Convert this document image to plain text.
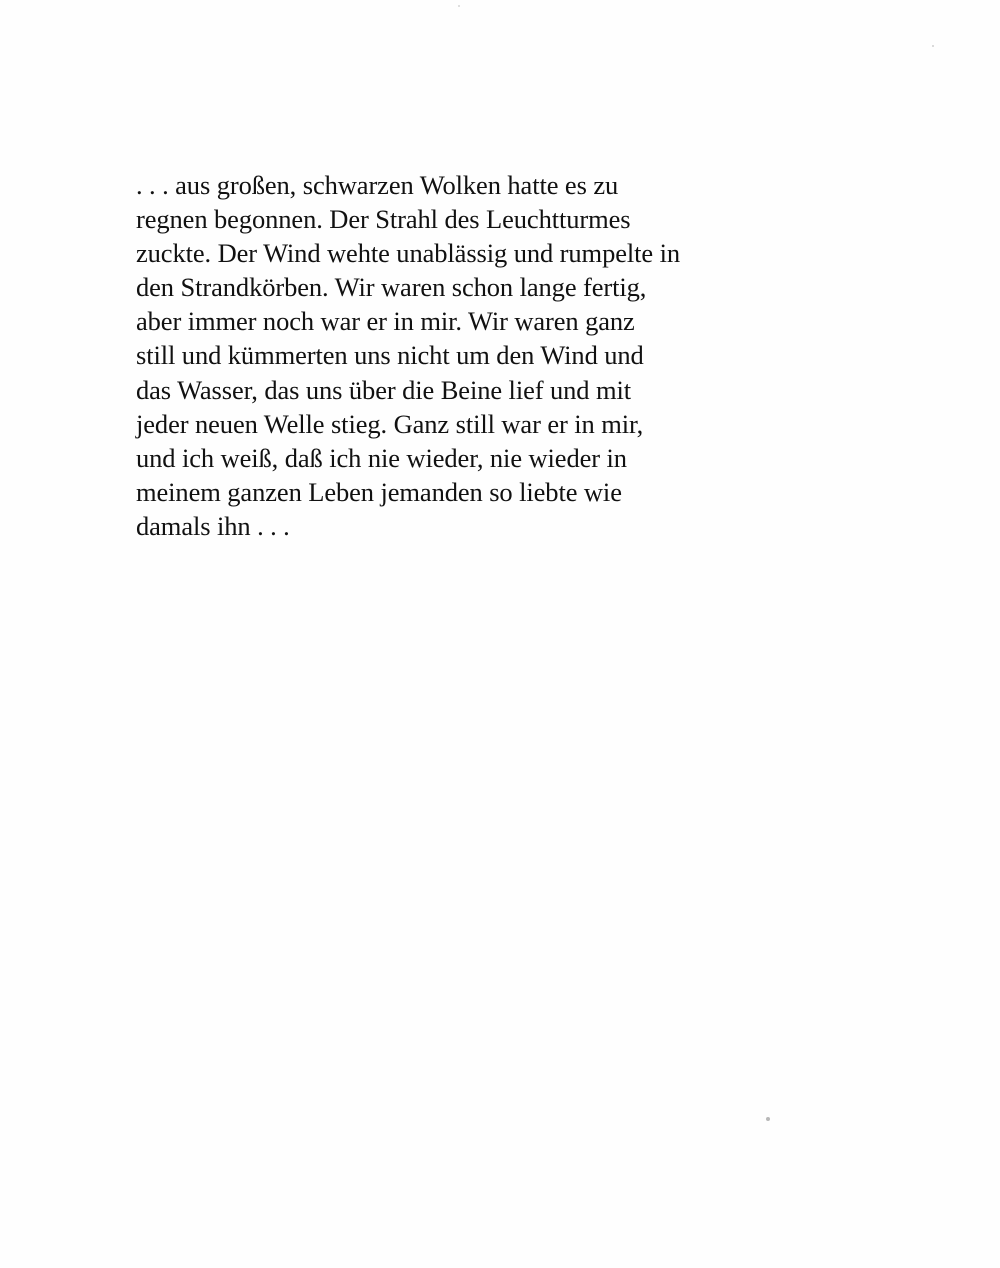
. . . aus großen, schwarzen Wolken hatte es zu
regnen begonnen. Der Strahl des Leuchtturmes
zuckte. Der Wind wehte unablässig und rumpelte in
den Strandkörben. Wir waren schon lange fertig,
aber immer noch war er in mir. Wir waren ganz
still und kümmerten uns nicht um den Wind und
das Wasser, das uns über die Beine lief und mit
jeder neuen Welle stieg. Ganz still war er in mir,
und ich weiß, daß ich nie wieder, nie wieder in
meinem ganzen Leben jemanden so liebte wie
damals ihn . . .
